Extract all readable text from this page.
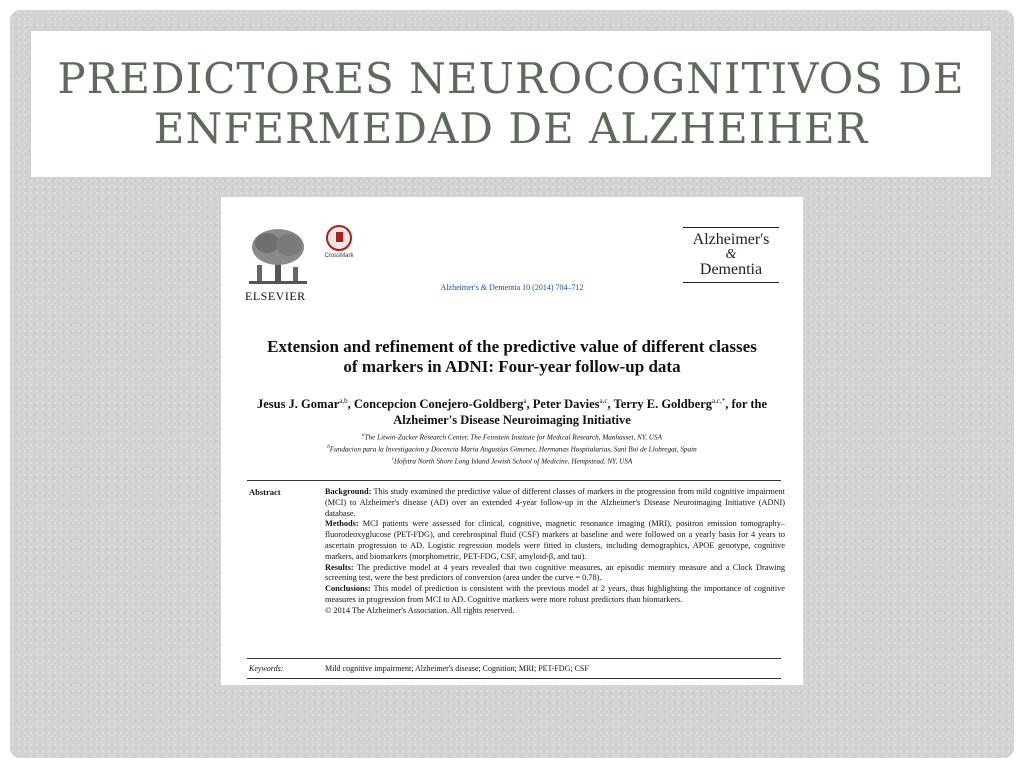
PREDICTORES NEUROCOGNITIVOS DE
ENFERMEDAD DE ALZHEIHER
ELSEVIER
CrossMark
Alzheimer's & Dementia 10 (2014) 704–712
Alzheimer's
&
Dementia
Extension and refinement of the predictive value of different classes
of markers in ADNI: Four-year follow-up data
Jesus J. Gomar$^{a,b}$, Concepcion Conejero-Goldberg$^a$, Peter Davies$^{a,c}$, Terry E. Goldberg$^{a,c,*}$, for the
Alzheimer's Disease Neuroimaging Initiative
$^a$The Litwin-Zucker Research Center, The Feinstein Institute for Medical Research, Manhasset, NY, USA
$^b$Fundacion para la Investigacion y Docencia Maria Angustias Gimenez, Hermanas Hospitalarias, Sant Boi de Llobregat, Spain
$^c$Hofstra North Shore Long Island Jewish School of Medicine, Hempstead, NY, USA
Abstract	Background: This study examined the predictive value of different classes of markers in the progression from mild cognitive impairment (MCI) to Alzheimer's disease (AD) over an extended 4-year follow-up in the Alzheimer's Disease Neuroimaging Initiative (ADNI) database.

Methods: MCI patients were assessed for clinical, cognitive, magnetic resonance imaging (MRI), positron emission tomography–fluorodeoxyglucose (PET-FDG), and cerebrospinal fluid (CSF) markers at baseline and were followed on a yearly basis for 4 years to ascertain progression to AD. Logistic regression models were fitted in clusters, including demographics, APOE genotype, cognitive markers, and biomarkers (morphometric, PET-FDG, CSF, amyloid-β, and tau).

Results: The predictive model at 4 years revealed that two cognitive measures, an episodic memory measure and a Clock Drawing screening test, were the best predictors of conversion (area under the curve = 0.78).

Conclusions: This model of prediction is consistent with the previous model at 2 years, thus highlighting the importance of cognitive measures in progression from MCI to AD. Cognitive markers were more robust predictors than biomarkers.

© 2014 The Alzheimer's Association. All rights reserved.

Keywords:	Mild cognitive impairment; Alzheimer's disease; Cognition; MRI; PET-FDG; CSF
